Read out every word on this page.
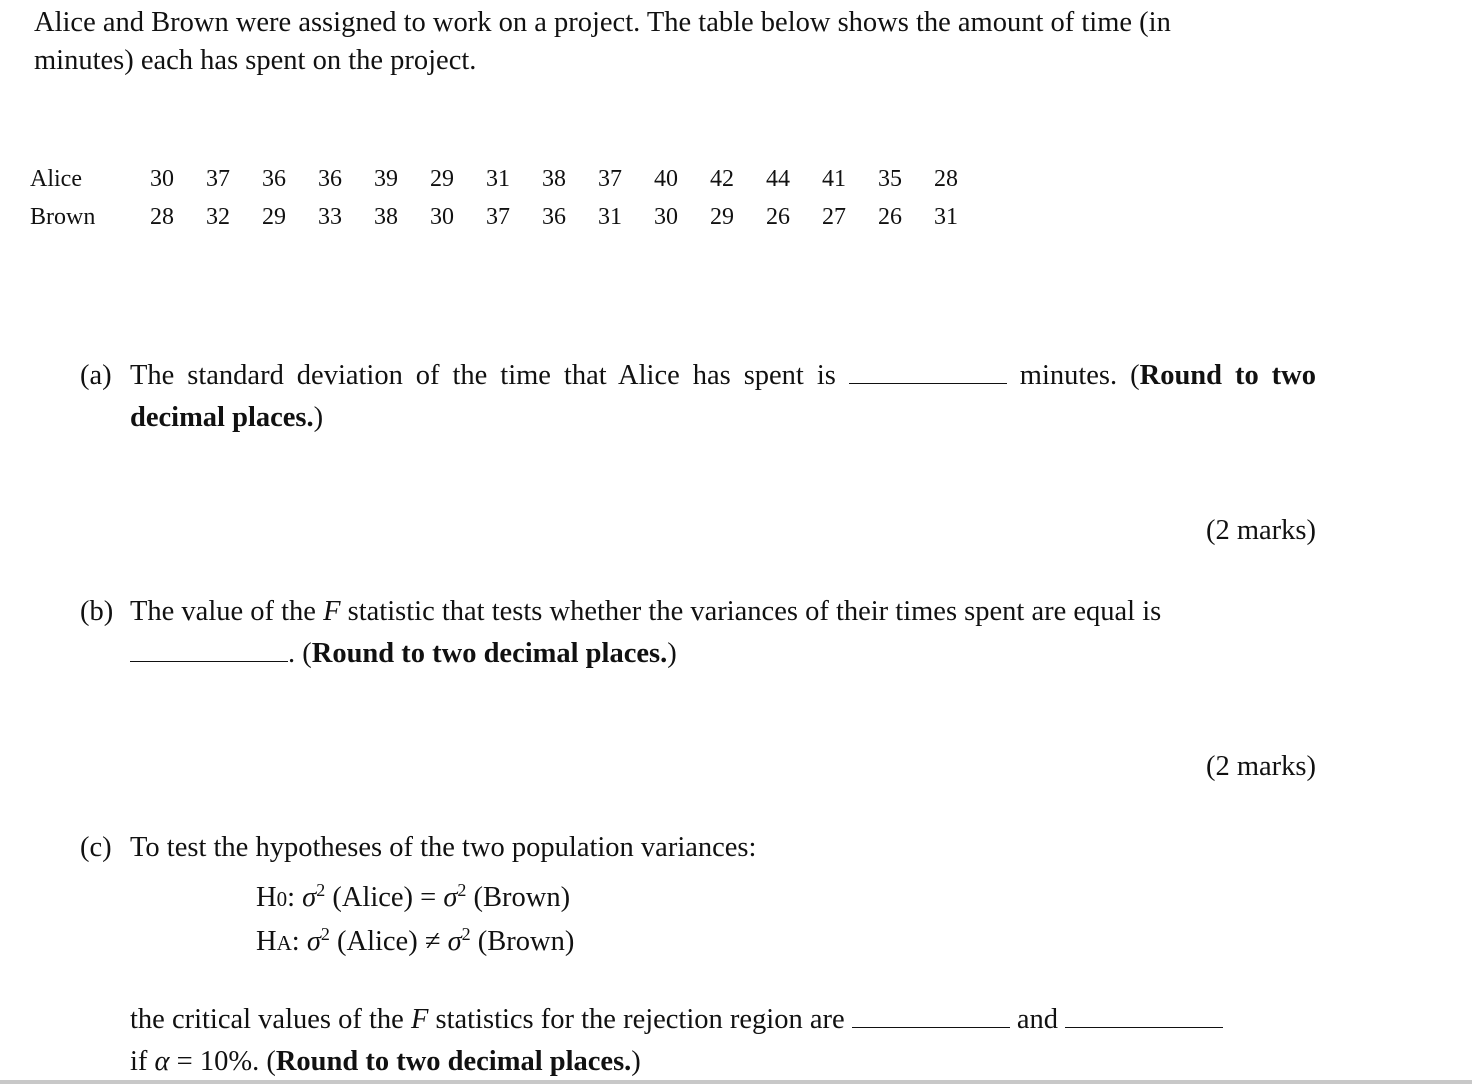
Alice and Brown were assigned to work on a project. The table below shows the amount of time (in
minutes) each has spent on the project.
Alice	30	37	36	36	39	29	31	38	37	40	42	44	41	35	28
Brown	28	32	29	33	38	30	37	36	31	30	29	26	27	26	31
(a) The standard deviation of the time that Alice has spent is	minutes. (Round to two decimal places.)
(2 marks)
(b) The value of the F statistic that tests whether the variances of their times spent are equal is
. (Round to two decimal places.)
(2 marks)
(c) To test the hypotheses of the two population variances:
H0: $\sigma^2$ (Alice) = $\sigma^2$ (Brown)
HA: $\sigma^2$ (Alice) ≠ $\sigma^2$ (Brown)
the critical values of the F statistics for the rejection region are	and
if α = 10%. (Round to two decimal places.)
